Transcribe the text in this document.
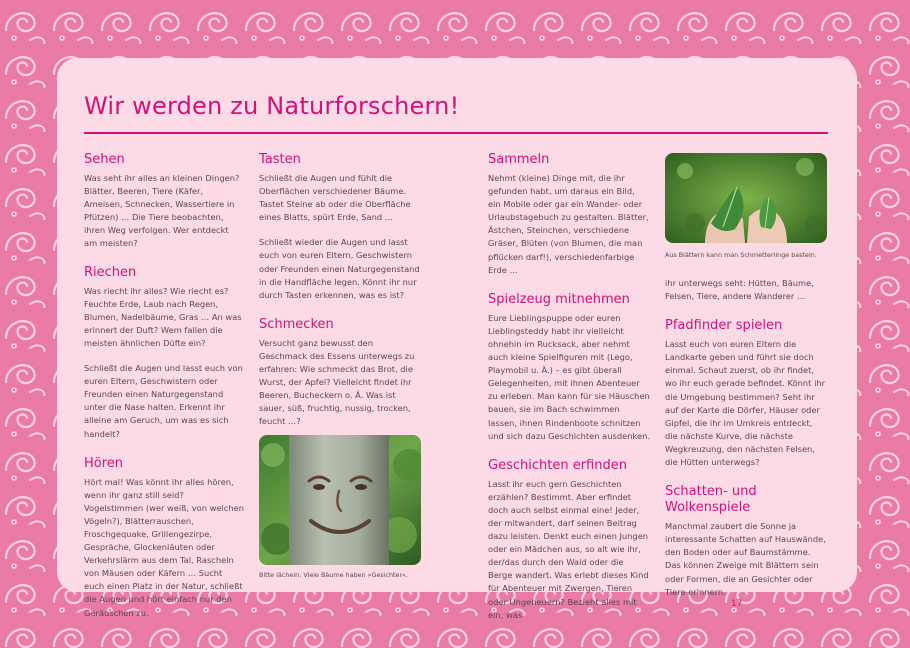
Wir werden zu Naturforschern!
Sehen

Was seht ihr alles an kleinen Dingen? Blätter, Beeren, Tiere (Käfer, Ameisen, Schnecken, Wassertiere in Pfützen) … Die Tiere beobachten, ihren Weg verfolgen. Wer entdeckt am meisten?

Riechen

Was riecht ihr alles? Wie riecht es? Feuchte Erde, Laub nach Regen, Blumen, Nadelbäume, Gras … An was erinnert der Duft? Wem fallen die meisten ähnlichen Düfte ein?

Schließt die Augen und lasst euch von euren Eltern, Geschwistern oder Freunden einen Naturgegenstand unter die Nase halten. Erkennt ihr alleine am Geruch, um was es sich handelt?

Hören

Hört mal! Was könnt ihr alles hören, wenn ihr ganz still seid? Vogelstimmen (wer weiß, von welchen Vögeln?), Blätterrauschen, Froschgequake, Grillengezirpe, Gespräche, Glockenläuten oder Verkehrslärm aus dem Tal, Rascheln von Mäusen oder Käfern … Sucht euch einen Platz in der Natur, schließt die Augen und hört einfach nur den Geräuschen zu.

Tasten

Schließt die Augen und fühlt die Oberflächen verschiedener Bäume. Tastet Steine ab oder die Oberfläche eines Blatts, spürt Erde, Sand …

Schließt wieder die Augen und lasst euch von euren Eltern, Geschwistern oder Freunden einen Naturgegenstand in die Handfläche legen. Könnt ihr nur durch Tasten erkennen, was es ist?

Schmecken

Versucht ganz bewusst den Geschmack des Essens unterwegs zu erfahren: Wie schmeckt das Brot, die Wurst, der Apfel? Vielleicht findet ihr Beeren, Bucheckern o. Ä. Was ist sauer, süß, fruchtig, nussig, trocken, feucht …?

Bitte lächeln: Viele Bäume haben »Gesichter«.
Sammeln

Nehmt (kleine) Dinge mit, die ihr gefunden habt, um daraus ein Bild, ein Mobile oder gar ein Wander- oder Urlaubstagebuch zu gestalten. Blätter, Ästchen, Steinchen, verschiedene Gräser, Blüten (von Blumen, die man pflücken darf!), verschiedenfarbige Erde …

Spielzeug mitnehmen

Eure Lieblingspuppe oder euren Lieblingsteddy habt ihr vielleicht ohnehin im Rucksack, aber nehmt auch kleine Spielfiguren mit (Lego, Playmobil u. Ä.) – es gibt überall Gelegenheiten, mit ihnen Abenteuer zu erleben. Man kann für sie Häuschen bauen, sie im Bach schwimmen lassen, ihnen Rindenboote schnitzen und sich dazu Geschichten ausdenken.

Geschichten erfinden

Lasst ihr euch gern Geschichten erzählen? Bestimmt. Aber erfindet doch auch selbst einmal eine! Jeder, der mitwandert, darf seinen Beitrag dazu leisten. Denkt euch einen Jungen oder ein Mädchen aus, so alt wie ihr, der/das durch den Wald oder die Berge wandert. Was erlebt dieses Kind für Abenteuer mit Zwergen, Tieren oder Ungeheuern? Bezieht alles mit ein, was

Aus Blättern kann man Schmetterlinge basteln.

ihr unterwegs seht: Hütten, Bäume, Felsen, Tiere, andere Wanderer …

Pfadfinder spielen

Lasst euch von euren Eltern die Landkarte geben und führt sie doch einmal. Schaut zuerst, ob ihr findet, wo ihr euch gerade befindet. Könnt ihr die Umgebung bestimmen? Seht ihr auf der Karte die Dörfer, Häuser oder Gipfel, die ihr im Umkreis entdeckt, die nächste Kurve, die nächste Wegkreuzung, den nächsten Felsen, die Hütten unterwegs?

Schatten- und
Wolkenspiele

Manchmal zaubert die Sonne ja interessante Schatten auf Hauswände, den Boden oder auf Baumstämme. Das können Zweige mit Blättern sein oder Formen, die an Gesichter oder Tiere erinnern.

17
